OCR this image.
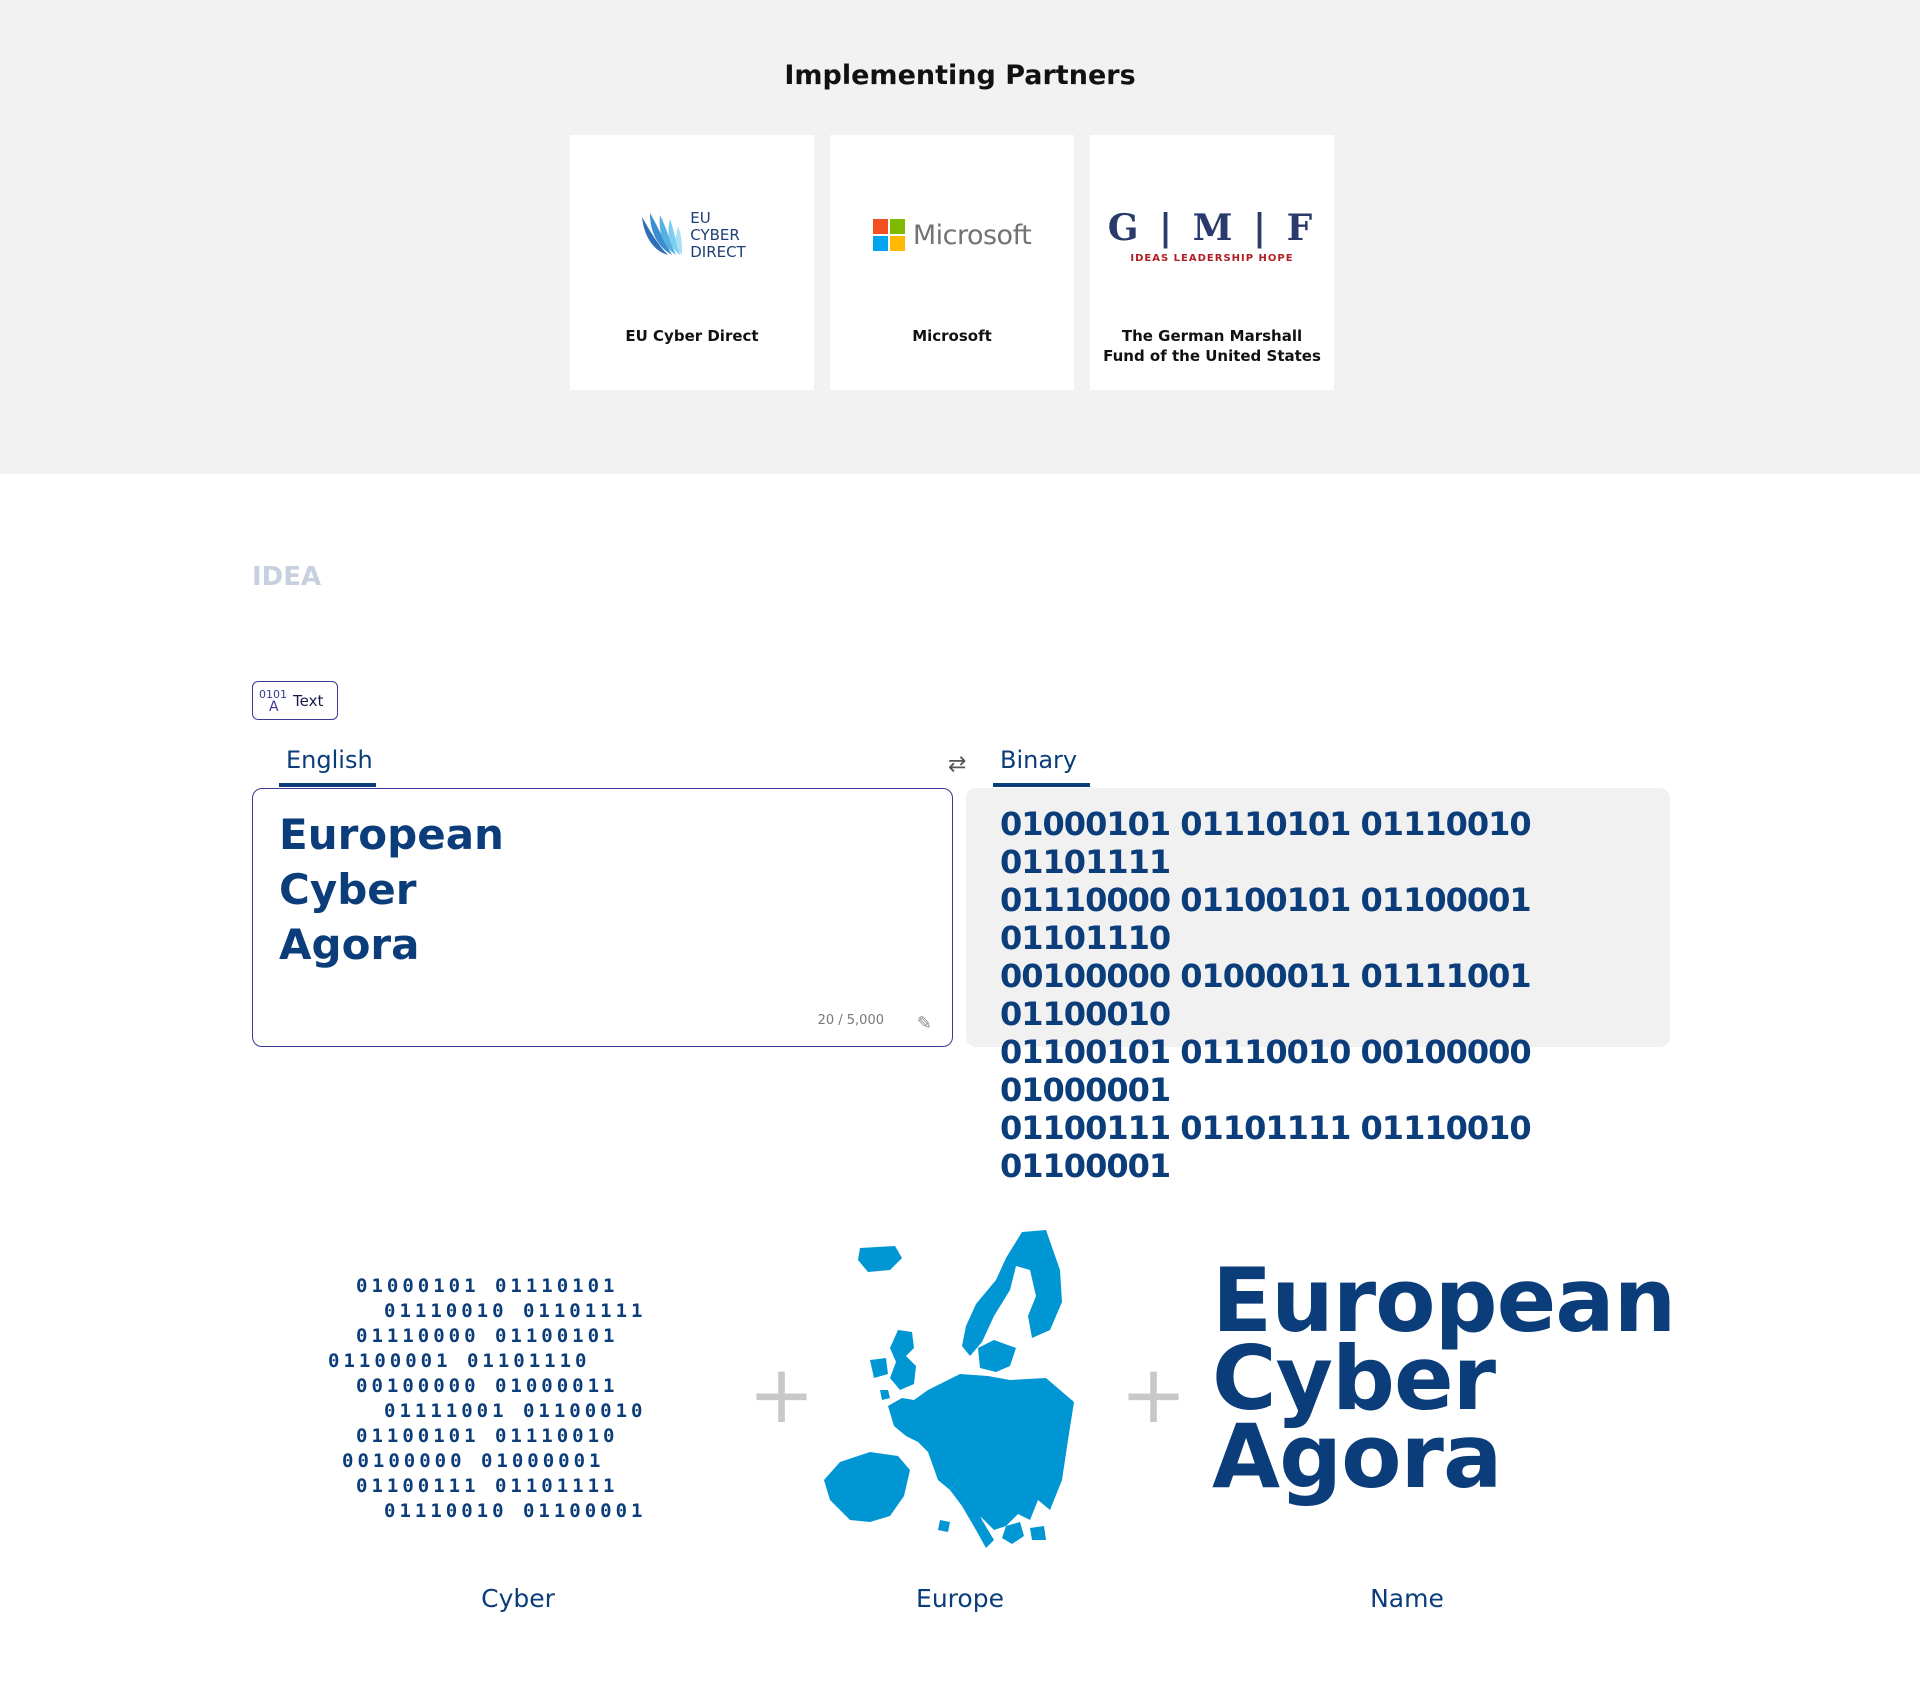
Implementing Partners
EU
CYBER
DIRECT
EU Cyber Direct
Microsoft
Microsoft
G | M | F
IDEAS LEADERSHIP HOPE
The German Marshall Fund of the United States
IDEA
0101
A Text
English	⇄ Binary
European
Cyber
Agora
20 / 5,000 ✎
01000101 01110101 01110010 01101111
01110000 01100101 01100001 01101110
00100000 01000011 01111001 01100010
01100101 01110010 00100000 01000001
01100111 01101111 01110010 01100001
01000101 01110101
01110010 01101111
01110000 01100101
01100001 01101110
00100000 01000011
01111001 01100010
01100101 01110010
00100000 01000001
01100111 01101111
01110010 01100001
+	+
European
Cyber
Agora
Cyber	Europe	Name
